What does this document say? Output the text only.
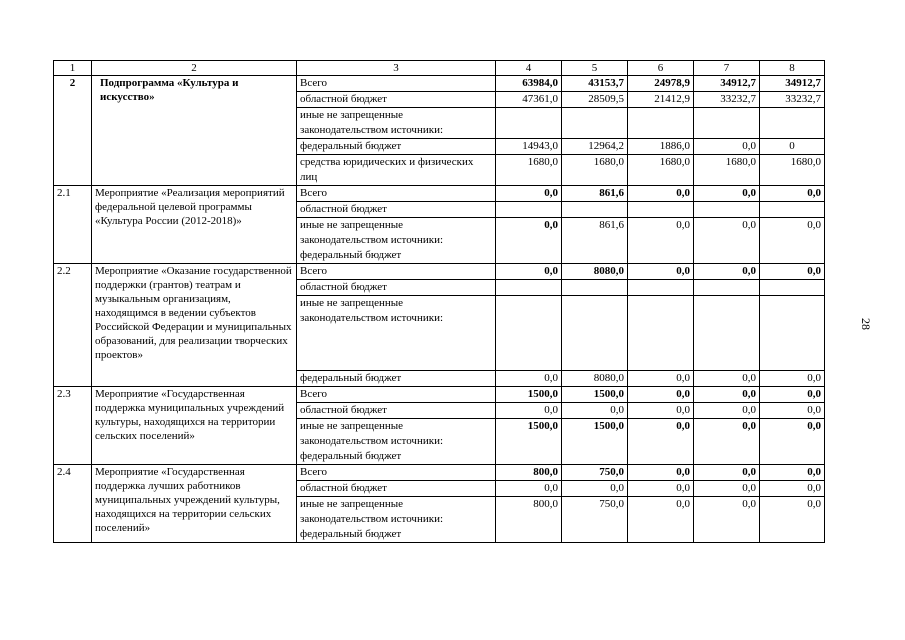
1	2	3	4	5	6	7	8
2	Подпрограмма «Культура и искусство»	Всего	63984,0	43153,7	24978,9	34912,7	34912,7

		областной бюджет	47361,0	28509,5	21412,9	33232,7	33232,7

		иные не запрещенные законодательством источники:					

		федеральный бюджет	14943,0	12964,2	1886,0	0,0	0

		средства юридических и физических лиц	1680,0	1680,0	1680,0	1680,0	1680,0
2.1	Мероприятие «Реализация мероприятий федеральной целевой программы «Культура России (2012-2018)»	Всего	0,0	861,6	0,0	0,0	0,0

		областной бюджет					

		иные не запрещенные законодательством источники: федеральный бюджет	0,0	861,6	0,0	0,0	0,0
2.2	Мероприятие «Оказание государственной поддержки (грантов) театрам и музыкальным организациям, находящимся в ведении субъектов Российской Федерации и муниципальных образований, для реализации творческих проектов»	Всего	0,0	8080,0	0,0	0,0	0,0

		областной бюджет					

		иные не запрещенные законодательством источники:					

		федеральный бюджет	0,0	8080,0	0,0	0,0	0,0
2.3	Мероприятие «Государственная поддержка муниципальных учреждений культуры, находящихся на территории сельских поселений»	Всего	1500,0	1500,0	0,0	0,0	0,0

		областной бюджет	0,0	0,0	0,0	0,0	0,0

		иные не запрещенные законодательством источники: федеральный бюджет	1500,0	1500,0	0,0	0,0	0,0
2.4	Мероприятие «Государственная поддержка лучших работников муниципальных учреждений культуры, находящихся на территории сельских поселений»	Всего	800,0	750,0	0,0	0,0	0,0

		областной бюджет	0,0	0,0	0,0	0,0	0,0

		иные не запрещенные законодательством источники: федеральный бюджет	800,0	750,0	0,0	0,0	0,0
28
